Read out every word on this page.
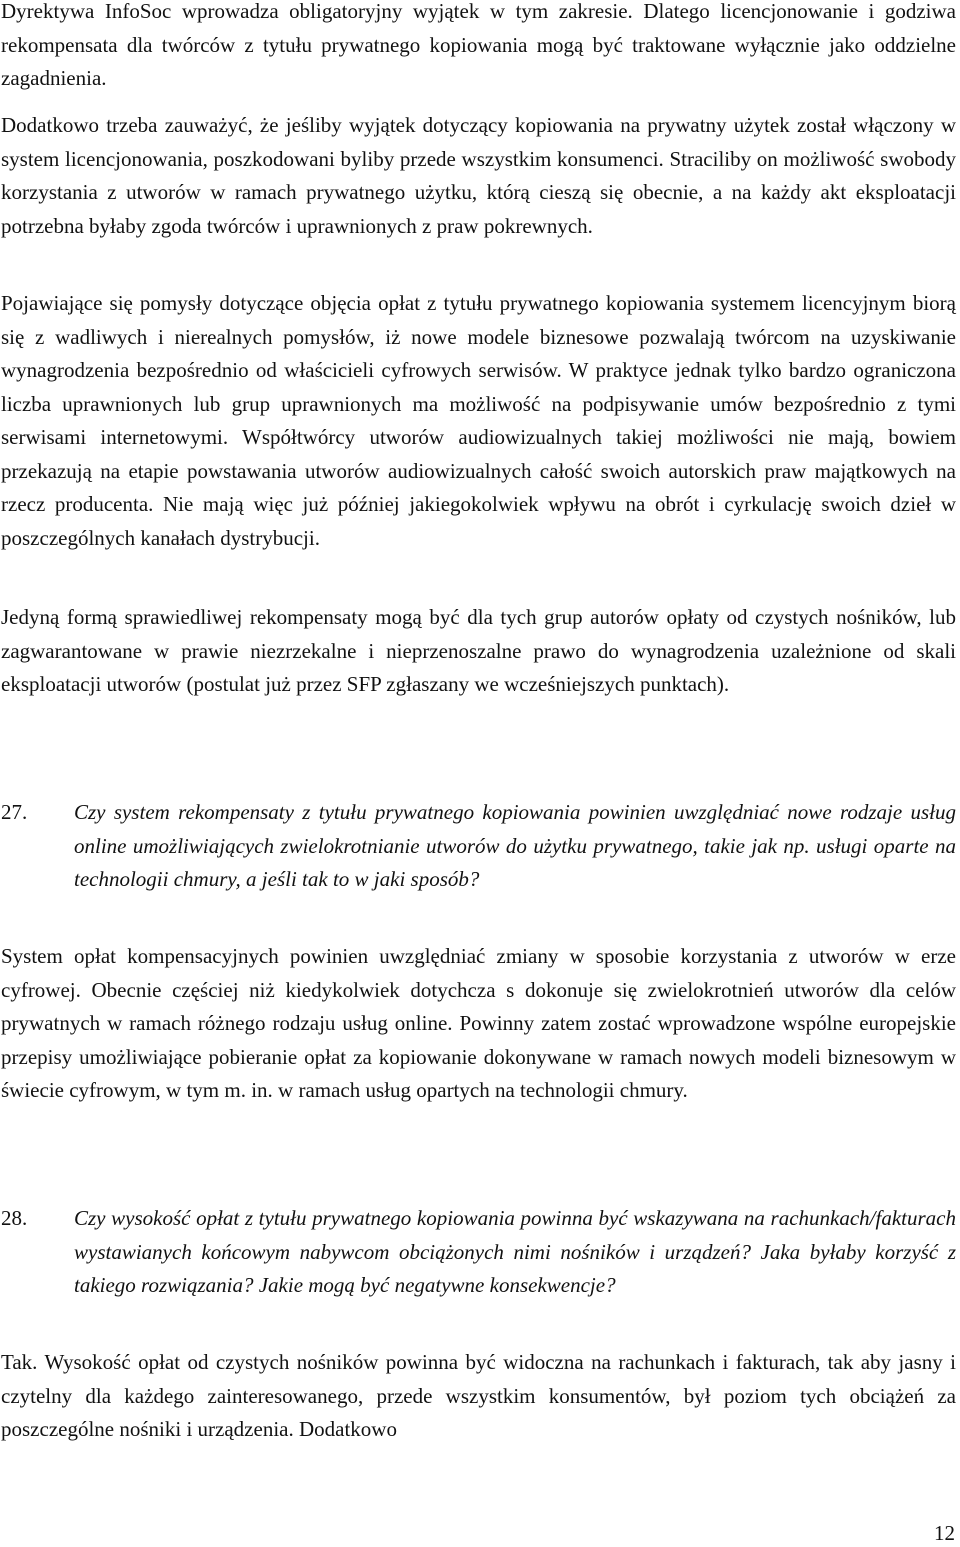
Dyrektywa InfoSoc wprowadza obligatoryjny wyjątek w tym zakresie. Dlatego licencjonowanie i godziwa rekompensata dla twórców z tytułu prywatnego kopiowania mogą być traktowane wyłącznie jako oddzielne zagadnienia.

Dodatkowo trzeba zauważyć, że jeśliby wyjątek dotyczący kopiowania na prywatny użytek został włączony w system licencjonowania, poszkodowani byliby przede wszystkim konsumenci. Straciliby on możliwość swobody korzystania z utworów w ramach prywatnego użytku, którą cieszą się obecnie, a na każdy akt eksploatacji potrzebna byłaby zgoda twórców i uprawnionych z praw pokrewnych.

Pojawiające się pomysły dotyczące objęcia opłat z tytułu prywatnego kopiowania systemem licencyjnym biorą się z wadliwych i nierealnych pomysłów, iż nowe modele biznesowe pozwalają twórcom na uzyskiwanie wynagrodzenia bezpośrednio od właścicieli cyfrowych serwisów. W praktyce jednak tylko bardzo ograniczona liczba uprawnionych lub grup uprawnionych ma możliwość na podpisywanie umów bezpośrednio z tymi serwisami internetowymi. Współtwórcy utworów audiowizualnych takiej możliwości nie mają, bowiem przekazują na etapie powstawania utworów audiowizualnych całość swoich autorskich praw majątkowych na rzecz producenta. Nie mają więc już później jakiegokolwiek wpływu na obrót i cyrkulację swoich dzieł w poszczególnych kanałach dystrybucji.

Jedyną formą sprawiedliwej rekompensaty mogą być dla tych grup autorów opłaty od czystych nośników, lub zagwarantowane w prawie niezrzekalne i nieprzenoszalne prawo do wynagrodzenia uzależnione od skali eksploatacji utworów (postulat już przez SFP zgłaszany we wcześniejszych punktach).

27. Czy system rekompensaty z tytułu prywatnego kopiowania powinien uwzględniać nowe rodzaje usług online umożliwiających zwielokrotnianie utworów do użytku prywatnego, takie jak np. usługi oparte na technologii chmury, a jeśli tak to w jaki sposób?

System opłat kompensacyjnych powinien uwzględniać zmiany w sposobie korzystania z utworów w erze cyfrowej. Obecnie częściej niż kiedykolwiek dotychcza s dokonuje się zwielokrotnień utworów dla celów prywatnych w ramach różnego rodzaju usług online. Powinny zatem zostać wprowadzone wspólne europejskie przepisy umożliwiające pobieranie opłat za kopiowanie dokonywane w ramach nowych modeli biznesowym w świecie cyfrowym, w tym m. in. w ramach usług opartych na technologii chmury.

28. Czy wysokość opłat z tytułu prywatnego kopiowania powinna być wskazywana na rachunkach/fakturach wystawianych końcowym nabywcom obciążonych nimi nośników i urządzeń? Jaka byłaby korzyść z takiego rozwiązania? Jakie mogą być negatywne konsekwencje?

Tak. Wysokość opłat od czystych nośników powinna być widoczna na rachunkach i fakturach, tak aby jasny i czytelny dla każdego zainteresowanego, przede wszystkim konsumentów, był poziom tych obciążeń za poszczególne nośniki i urządzenia. Dodatkowo

12
